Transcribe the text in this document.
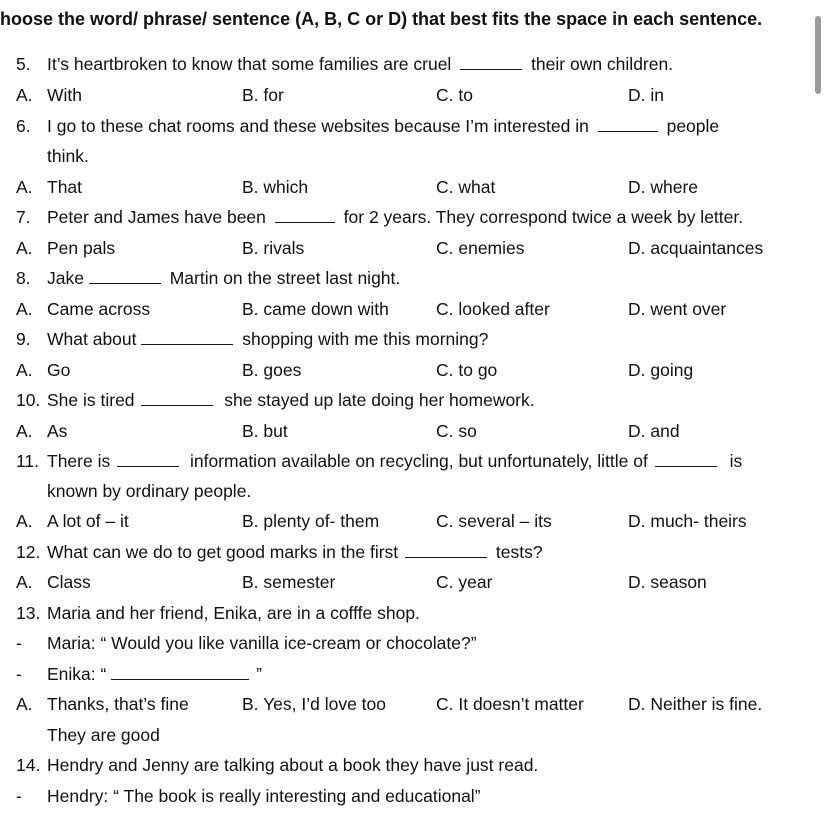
hoose the word/ phrase/ sentence (A, B, C or D) that best fits the space in each sentence.
5. It’s heartbroken to know that some families are cruel	their own children.
A. With	B. for	C. to	D. in
6. I go to these chat rooms and these websites because I’m interested in	people
think.
A. That	B. which	C. what	D. where
7. Peter and James have been	for 2 years. They correspond twice a week by letter.
A. Pen pals	B. rivals	C. enemies	D. acquaintances
8. Jake	Martin on the street last night.
A. Came across	B. came down with	C. looked after	D. went over
9. What about	shopping with me this morning?
A. Go	B. goes	C. to go	D. going
10. She is tired	she stayed up late doing her homework.
A. As	B. but	C. so	D. and
11. There is	information available on recycling, but unfortunately, little of	is
known by ordinary people.
A. A lot of – it	B. plenty of- them	C. several – its	D. much- theirs
12. What can we do to get good marks in the first	tests?
A. Class	B. semester	C. year	D. season
13. Maria and her friend, Enika, are in a cofffe shop.
- Maria: “ Would you like vanilla ice-cream or chocolate?”
- Enika: “	”
A. Thanks, that’s fine	B. Yes, I’d love too	C. It doesn’t matter	D. Neither is fine.
They are good
14. Hendry and Jenny are talking about a book they have just read.
- Hendry: “ The book is really interesting and educational”
